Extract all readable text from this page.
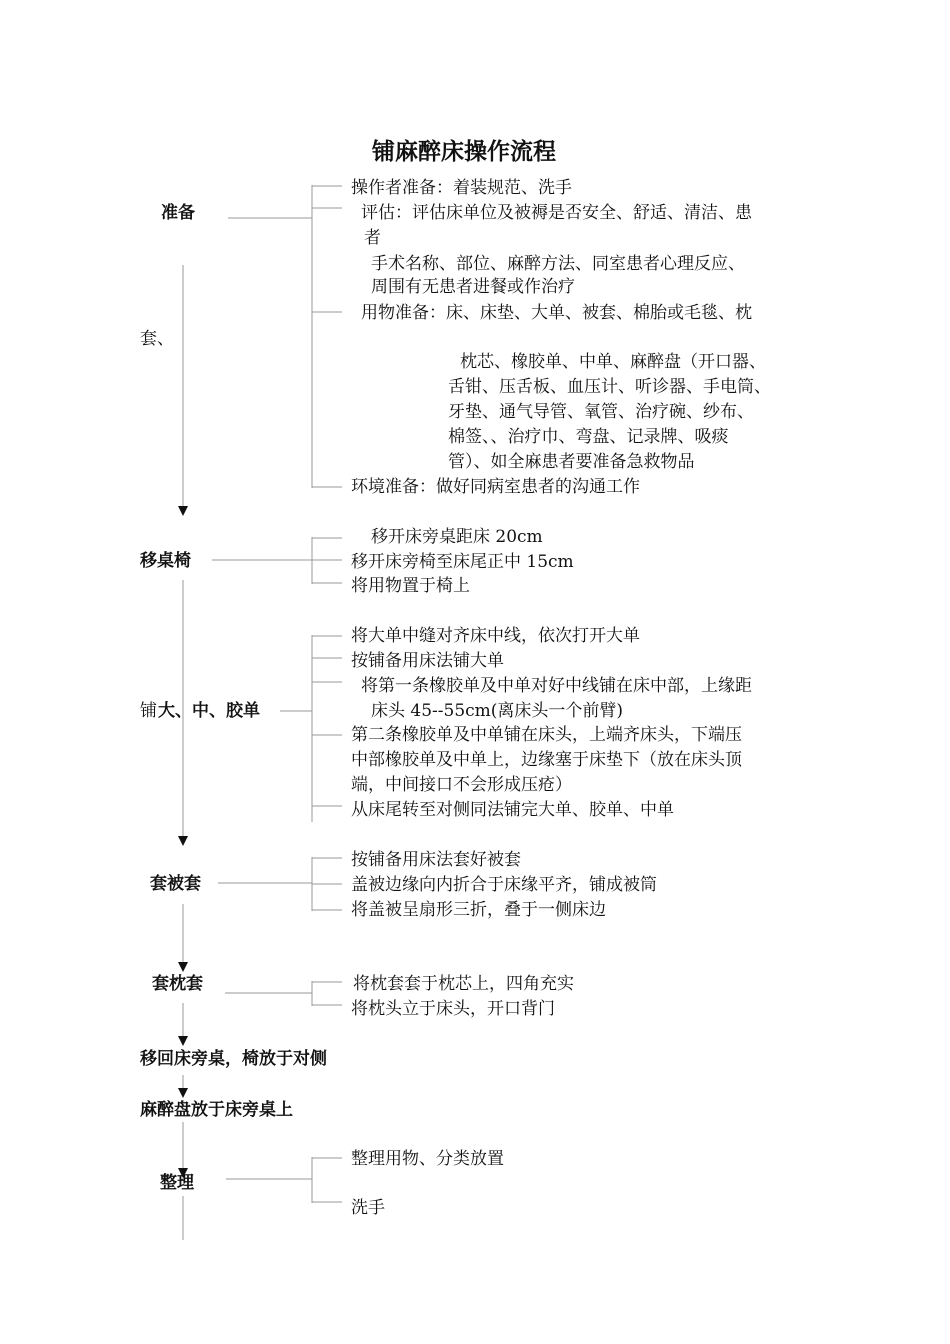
铺麻醉床操作流程
准备
套、
操作者准备：着装规范、洗手
评估：评估床单位及被褥是否安全、舒适、清洁、患
者
手术名称、部位、麻醉方法、同室患者心理反应、
周围有无患者进餐或作治疗
用物准备：床、床垫、大单、被套、棉胎或毛毯、枕
枕芯、橡胶单、中单、麻醉盘（开口器、
舌钳、压舌板、血压计、听诊器、手电筒、
牙垫、通气导管、氧管、治疗碗、纱布、
棉签、、治疗巾、弯盘、记录牌、吸痰
管）、如全麻患者要准备急救物品
环境准备：做好同病室患者的沟通工作
移桌椅
移开床旁桌距床 20cm
移开床旁椅至床尾正中 15cm
将用物置于椅上
铺 大、中、胶单
将大单中缝对齐床中线，依次打开大单
按铺备用床法铺大单
将第一条橡胶单及中单对好中线铺在床中部，上缘距
床头 45--55cm(离床头一个前臂)
第二条橡胶单及中单铺在床头，上端齐床头，下端压
中部橡胶单及中单上，边缘塞于床垫下（放在床头顶
端，中间接口不会形成压疮）
从床尾转至对侧同法铺完大单、胶单、中单
套被套
按铺备用床法套好被套
盖被边缘向内折合于床缘平齐，铺成被筒
将盖被呈扇形三折，叠于一侧床边
套枕套	将枕套套于枕芯上，四角充实
将枕头立于床头，开口背门
移回床旁桌，椅放于对侧
麻醉盘放于床旁桌上
整理
整理用物、分类放置
洗手
